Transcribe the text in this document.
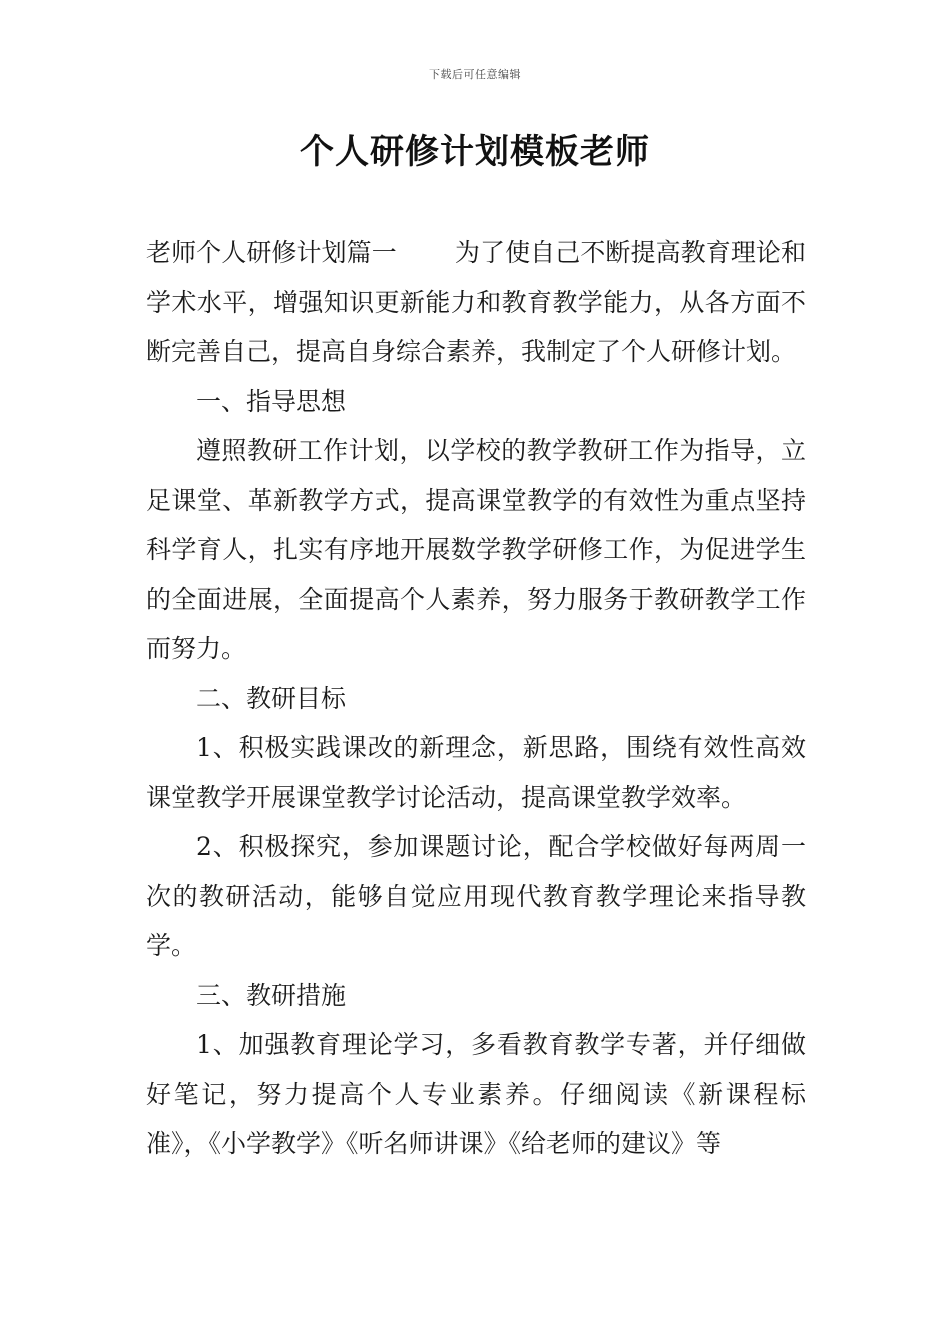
下载后可任意编辑
个人研修计划模板老师

老师个人研修计划篇一 为了使自己不断提高教育理论和学术水平，增强知识更新能力和教育教学能力，从各方面不断完善自己，提高自身综合素养，我制定了个人研修计划。

一、指导思想

遵照教研工作计划，以学校的教学教研工作为指导，立足课堂、革新教学方式，提高课堂教学的有效性为重点坚持科学育人，扎实有序地开展数学教学研修工作，为促进学生的全面进展，全面提高个人素养，努力服务于教研教学工作而努力。

二、教研目标

1、积极实践课改的新理念，新思路，围绕有效性高效课堂教学开展课堂教学讨论活动，提高课堂教学效率。

2、积极探究，参加课题讨论，配合学校做好每两周一次的教研活动，能够自觉应用现代教育教学理论来指导教学。

三、教研措施

1、加强教育理论学习，多看教育教学专著，并仔细做好笔记，努力提高个人专业素养。仔细阅读《新课程标准》，《小学教学》《听名师讲课》《给老师的建议》等
